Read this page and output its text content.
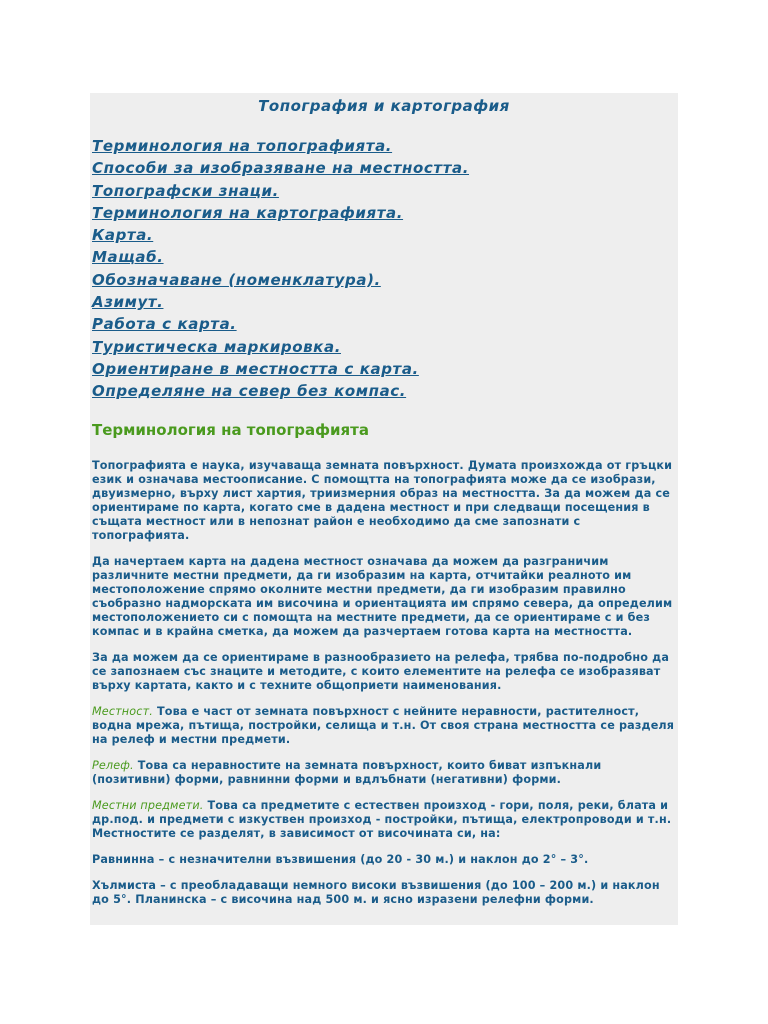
Топография и картография
Терминология на топографията.
Способи за изобразяване на местността.
Топографски знаци.
Терминология на картографията.
Карта.
Мащаб.
Обозначаване (номенклатура).
Азимут.
Работа с карта.
Туристическа маркировка.
Ориентиране в местността с карта.
Определяне на север без компас.
Терминология на топографията

Топографията е наука, изучаваща земната повърхност. Думата произхожда от гръцки език и означава местоописание. С помощтта на топографията може да се изобрази, двуизмерно, върху лист хартия, триизмерния образ на местността. За да можем да се ориентираме по карта, когато сме в дадена местност и при следващи посещения в същата местност или в непознат район е необходимо да сме запознати с топографията.

Да начертаем карта на дадена местност означава да можем да разграничим различните местни предмети, да ги изобразим на карта, отчитайки реалното им местоположение спрямо околните местни предмети, да ги изобразим правилно съобразно надморската им височина и ориентацията им спрямо севера, да определим местоположението си с помощта на местните предмети, да се ориентираме с и без компас и в крайна сметка, да можем да разчертаем готова карта на местността.

За да можем да се ориентираме в разнообразието на релефа, трябва по-подробно да се запознаем със знаците и методите, с които елементите на релефа се изобразяват върху картата, както и с техните общоприети наименования.

Местност. Това е част от земната повърхност с нейните неравности, растителност, водна мрежа, пътища, постройки, селища и т.н. От своя страна местността се разделя на релеф и местни предмети.

Релеф. Това са неравностите на земната повърхност, които биват изпъкнали (позитивни) форми, равнинни форми и вдлъбнати (негативни) форми.

Местни предмети. Това са предметите с естествен произход - гори, поля, реки, блата и др.под. и предмети с изкуствен произход - постройки, пътища, електропроводи и т.н. Местностите се разделят, в зависимост от височината си, на:

Равнинна – с незначителни възвишения (до 20 - 30 м.) и наклон до 2° – 3°.

Хълмиста – с преобладаващи немного високи възвишения (до 100 – 200 м.) и наклон до 5°. Планинска – с височина над 500 м. и ясно изразени релефни форми.
